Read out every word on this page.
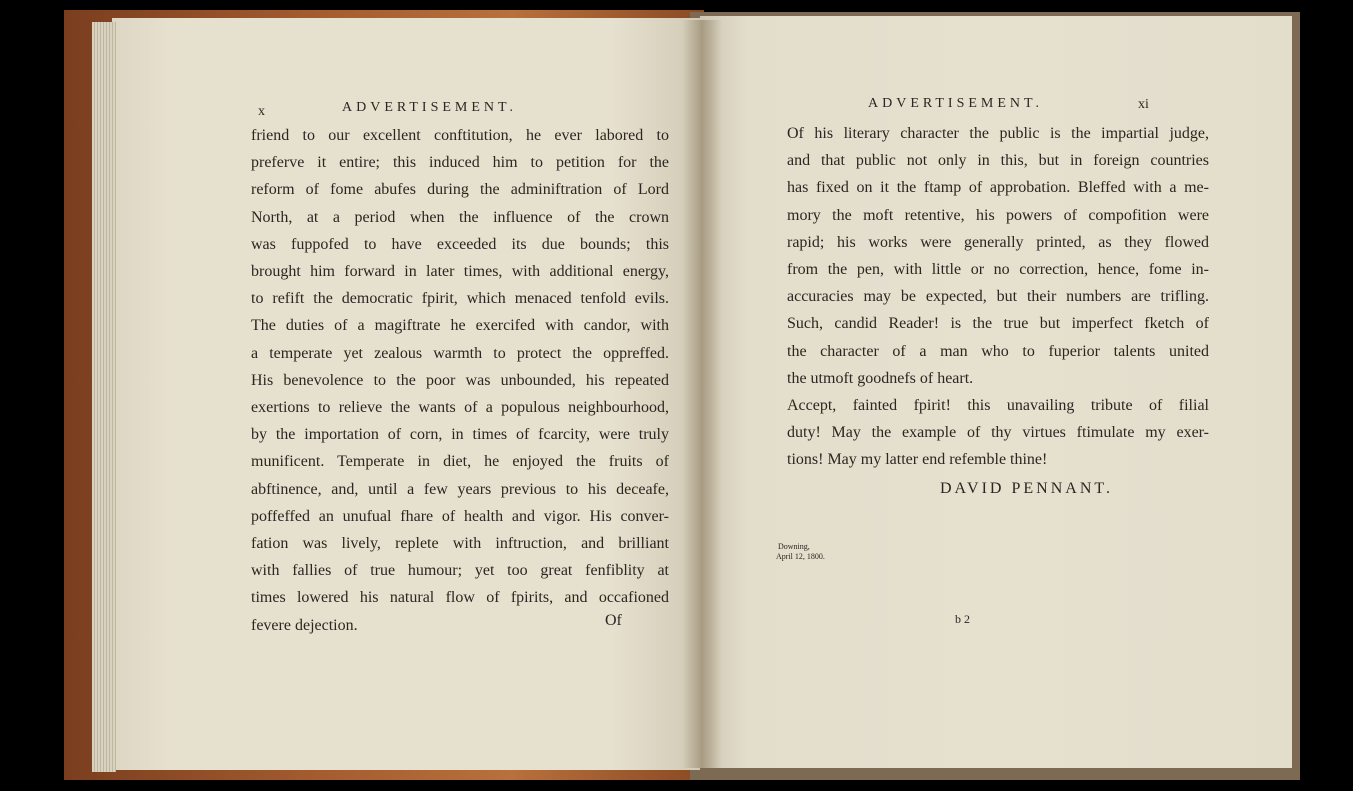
x	ADVERTISEMENT.
friend to our excellent conftitution, he ever labored to
preferve it entire; this induced him to petition for the
reform of fome abufes during the adminiftration of Lord
North, at a period when the influence of the crown
was fuppofed to have exceeded its due bounds; this
brought him forward in later times, with additional energy,
to refift the democratic fpirit, which menaced tenfold evils.
The duties of a magiftrate he exercifed with candor, with
a temperate yet zealous warmth to protect the oppreffed.
His benevolence to the poor was unbounded, his repeated
exertions to relieve the wants of a populous neighbourhood,
by the importation of corn, in times of fcarcity, were truly
munificent. Temperate in diet, he enjoyed the fruits of
abftinence, and, until a few years previous to his deceafe,
poffeffed an unufual fhare of health and vigor. His conver-
fation was lively, replete with inftruction, and brilliant
with fallies of true humour; yet too great fenfiblity at
times lowered his natural flow of fpirits, and occafioned
fevere dejection.	Of
ADVERTISEMENT.	xi
Of his literary character the public is the impartial judge,
and that public not only in this, but in foreign countries
has fixed on it the ftamp of approbation. Bleffed with a me-
mory the moft retentive, his powers of compofition were
rapid; his works were generally printed, as they flowed
from the pen, with little or no correction, hence, fome in-
accuracies may be expected, but their numbers are trifling.
Such, candid Reader! is the true but imperfect fketch of
the character of a man who to fuperior talents united
the utmoft goodnefs of heart.
Accept, fainted fpirit! this unavailing tribute of filial
duty! May the example of thy virtues ftimulate my exer-
tions! May my latter end refemble thine!
DAVID PENNANT.
Downing,
April 12, 1800.
b 2
